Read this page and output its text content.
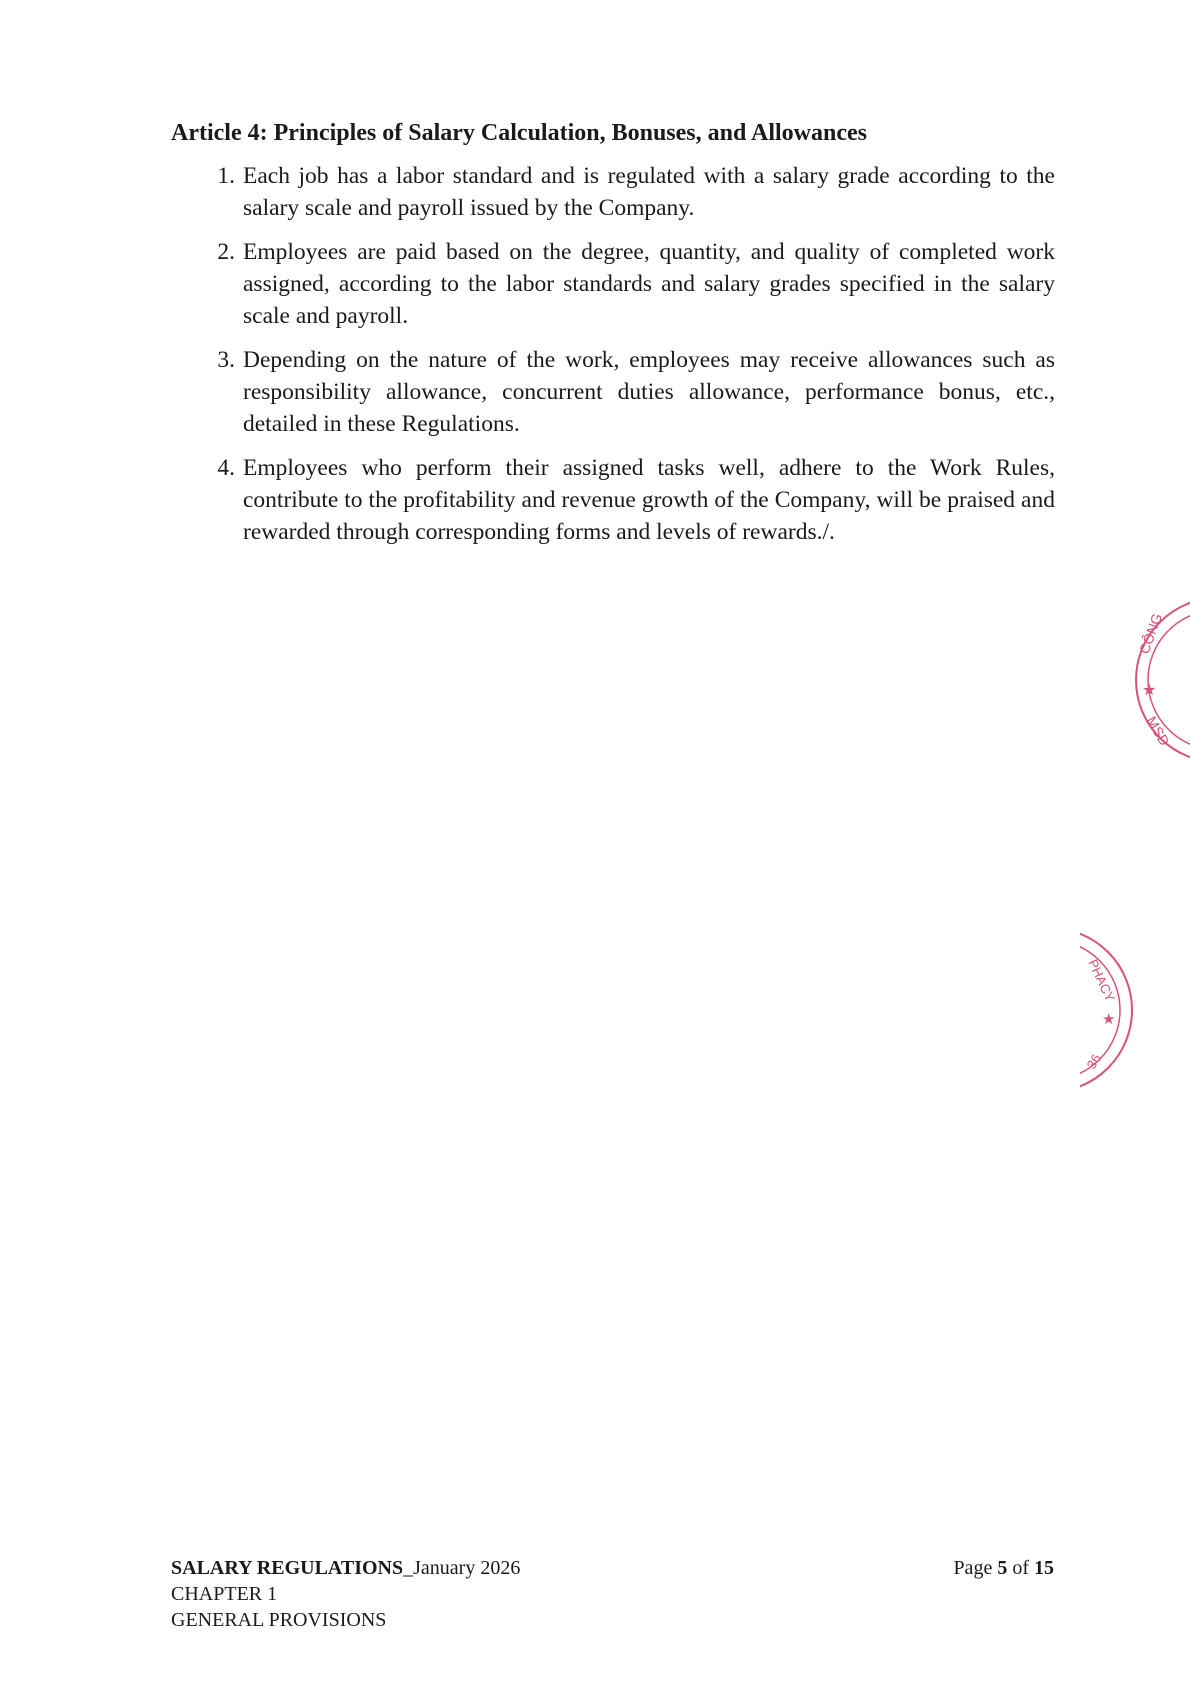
Article 4: Principles of Salary Calculation, Bonuses, and Allowances
1. Each job has a labor standard and is regulated with a salary grade according to the salary scale and payroll issued by the Company.
2. Employees are paid based on the degree, quantity, and quality of completed work assigned, according to the labor standards and salary grades specified in the salary scale and payroll.
3. Depending on the nature of the work, employees may receive allowances such as responsibility allowance, concurrent duties allowance, performance bonus, etc., detailed in these Regulations.
4. Employees who perform their assigned tasks well, adhere to the Work Rules, contribute to the profitability and revenue growth of the Company, will be praised and rewarded through corresponding forms and levels of rewards./.
CÔNG
★
MSD
PHACY
★
36
SALARY REGULATIONS_January 2026
CHAPTER 1
GENERAL PROVISIONS
Page 5 of 15
